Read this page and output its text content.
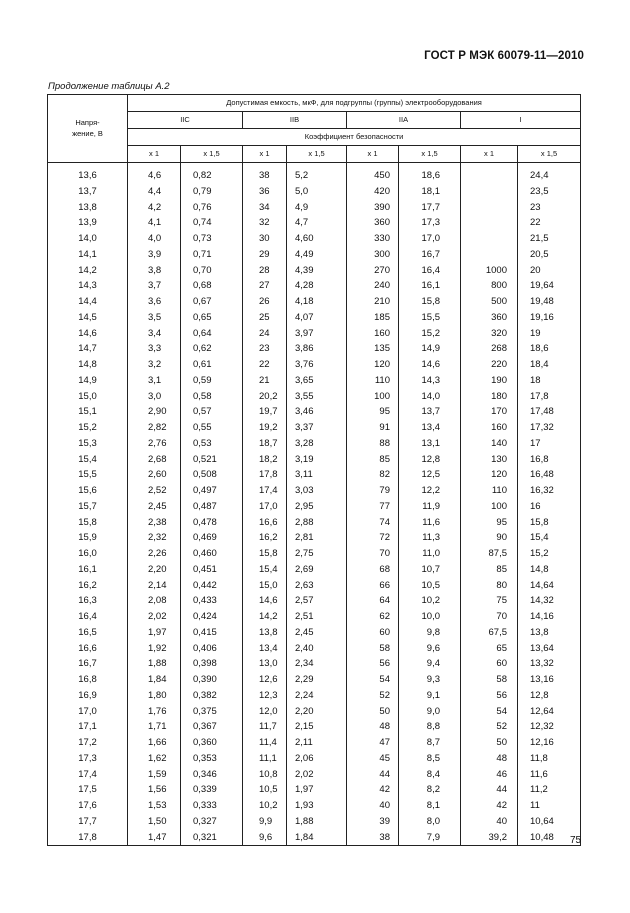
ГОСТ Р МЭК 60079-11—2010
Продолжение таблицы А.2
Напря-
жение, В	Допустимая емкость, мкФ, для подгруппы (группы) электрооборудования							
	IIC		IIB		IIA		I	
	Коэффициент безопасности							
	x 1	x 1,5	x 1	x 1,5	x 1	x 1,5	x 1	x 1,5

13,6	4,6	0,82	38	5,2	450	18,6		24,4
13,7	4,4	0,79	36	5,0	420	18,1		23,5
13,8	4,2	0,76	34	4,9	390	17,7		23
13,9	4,1	0,74	32	4,7	360	17,3		22
14,0	4,0	0,73	30	4,60	330	17,0		21,5
14,1	3,9	0,71	29	4,49	300	16,7		20,5
14,2	3,8	0,70	28	4,39	270	16,4	1000	20
14,3	3,7	0,68	27	4,28	240	16,1	800	19,64
14,4	3,6	0,67	26	4,18	210	15,8	500	19,48
14,5	3,5	0,65	25	4,07	185	15,5	360	19,16
14,6	3,4	0,64	24	3,97	160	15,2	320	19
14,7	3,3	0,62	23	3,86	135	14,9	268	18,6
14,8	3,2	0,61	22	3,76	120	14,6	220	18,4
14,9	3,1	0,59	21	3,65	110	14,3	190	18
15,0	3,0	0,58	20,2	3,55	100	14,0	180	17,8
15,1	2,90	0,57	19,7	3,46	95	13,7	170	17,48
15,2	2,82	0,55	19,2	3,37	91	13,4	160	17,32
15,3	2,76	0,53	18,7	3,28	88	13,1	140	17
15,4	2,68	0,521	18,2	3,19	85	12,8	130	16,8
15,5	2,60	0,508	17,8	3,11	82	12,5	120	16,48
15,6	2,52	0,497	17,4	3,03	79	12,2	110	16,32
15,7	2,45	0,487	17,0	2,95	77	11,9	100	16
15,8	2,38	0,478	16,6	2,88	74	11,6	95	15,8
15,9	2,32	0,469	16,2	2,81	72	11,3	90	15,4
16,0	2,26	0,460	15,8	2,75	70	11,0	87,5	15,2
16,1	2,20	0,451	15,4	2,69	68	10,7	85	14,8
16,2	2,14	0,442	15,0	2,63	66	10,5	80	14,64
16,3	2,08	0,433	14,6	2,57	64	10,2	75	14,32
16,4	2,02	0,424	14,2	2,51	62	10,0	70	14,16
16,5	1,97	0,415	13,8	2,45	60	9,8	67,5	13,8
16,6	1,92	0,406	13,4	2,40	58	9,6	65	13,64
16,7	1,88	0,398	13,0	2,34	56	9,4	60	13,32
16,8	1,84	0,390	12,6	2,29	54	9,3	58	13,16
16,9	1,80	0,382	12,3	2,24	52	9,1	56	12,8
17,0	1,76	0,375	12,0	2,20	50	9,0	54	12,64
17,1	1,71	0,367	11,7	2,15	48	8,8	52	12,32
17,2	1,66	0,360	11,4	2,11	47	8,7	50	12,16
17,3	1,62	0,353	11,1	2,06	45	8,5	48	11,8
17,4	1,59	0,346	10,8	2,02	44	8,4	46	11,6
17,5	1,56	0,339	10,5	1,97	42	8,2	44	11,2
17,6	1,53	0,333	10,2	1,93	40	8,1	42	11
17,7	1,50	0,327	9,9	1,88	39	8,0	40	10,64
17,8	1,47	0,321	9,6	1,84	38	7,9	39,2	10,48 75
